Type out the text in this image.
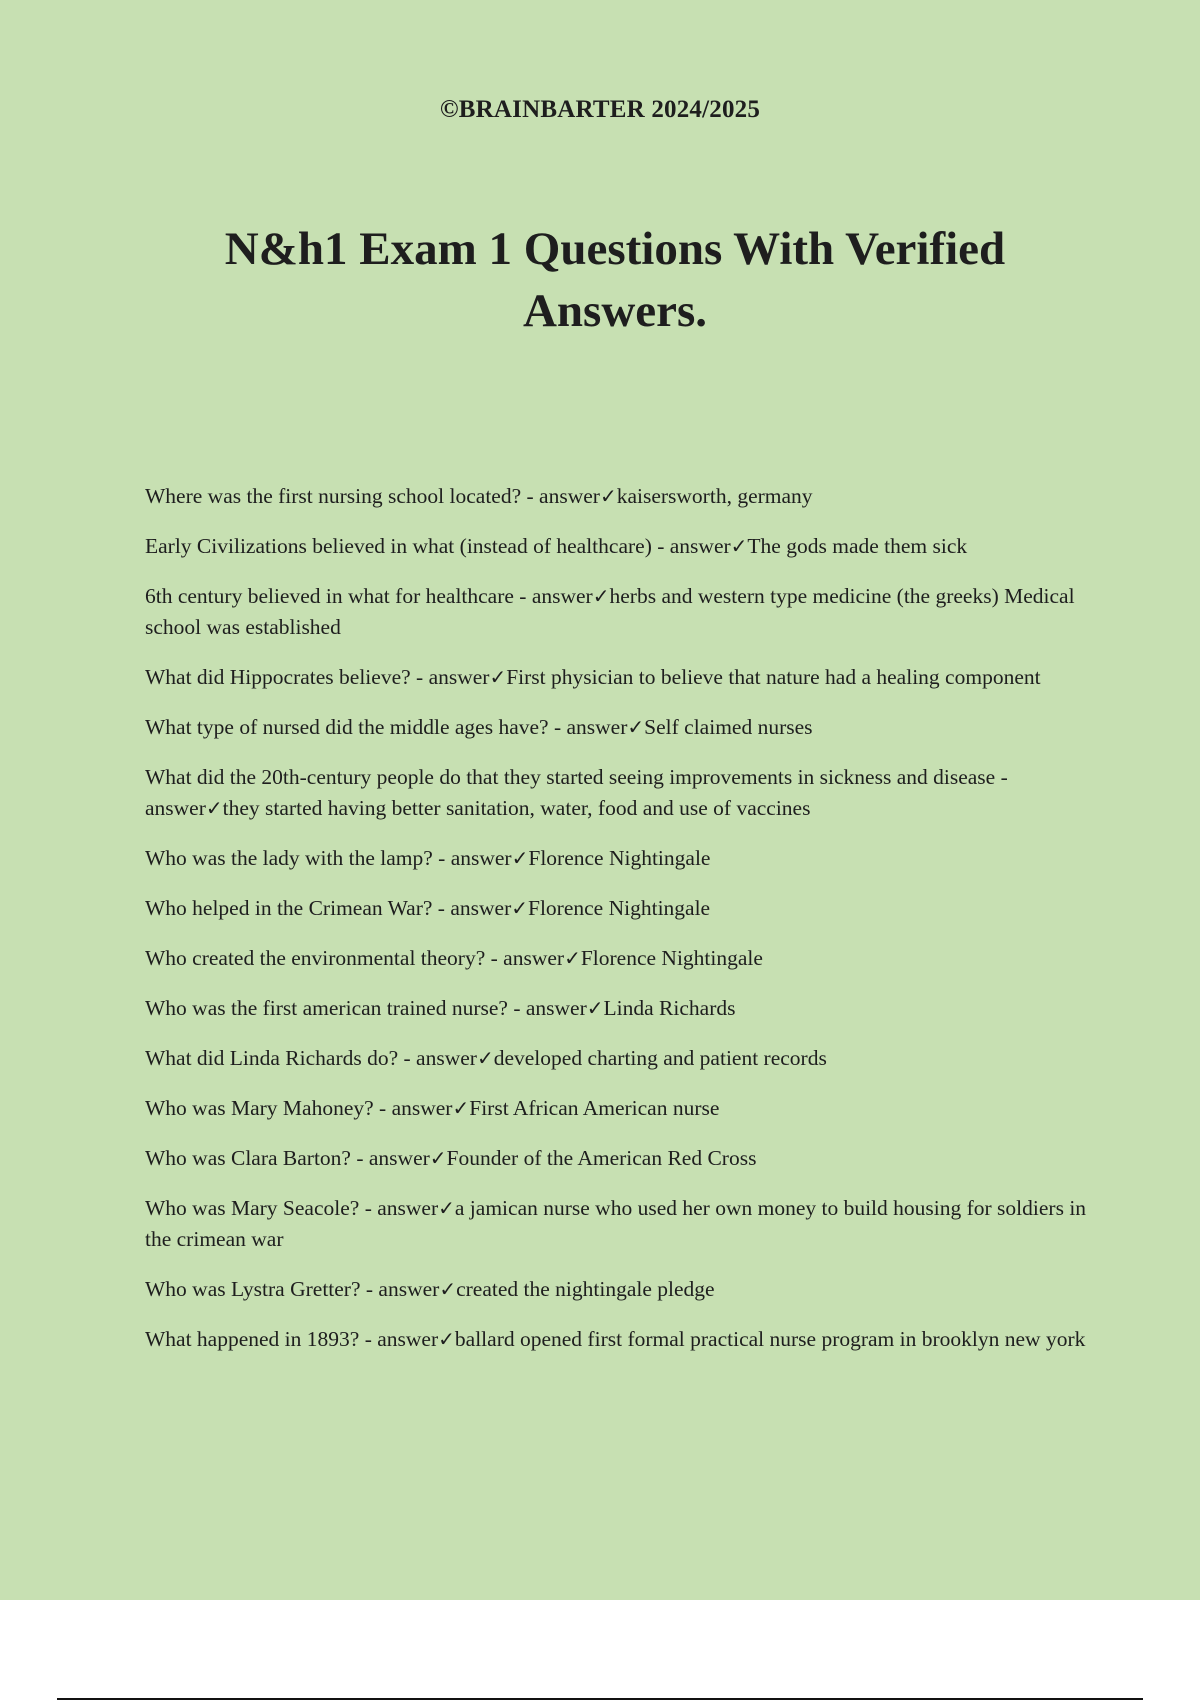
©BRAINBARTER 2024/2025
N&h1 Exam 1 Questions With Verified Answers.
Where was the first nursing school located? - answer✓kaisersworth, germany
Early Civilizations believed in what (instead of healthcare) - answer✓The gods made them sick
6th century believed in what for healthcare - answer✓herbs and western type medicine (the greeks) Medical school was established
What did Hippocrates believe? - answer✓First physician to believe that nature had a healing component
What type of nursed did the middle ages have? - answer✓Self claimed nurses
What did the 20th-century people do that they started seeing improvements in sickness and disease - answer✓they started having better sanitation, water, food and use of vaccines
Who was the lady with the lamp? - answer✓Florence Nightingale
Who helped in the Crimean War? - answer✓Florence Nightingale
Who created the environmental theory? - answer✓Florence Nightingale
Who was the first american trained nurse? - answer✓Linda Richards
What did Linda Richards do? - answer✓developed charting and patient records
Who was Mary Mahoney? - answer✓First African American nurse
Who was Clara Barton? - answer✓Founder of the American Red Cross
Who was Mary Seacole? - answer✓a jamican nurse who used her own money to build housing for soldiers in the crimean war
Who was Lystra Gretter? - answer✓created the nightingale pledge
What happened in 1893? - answer✓ballard opened first formal practical nurse program in brooklyn new york
